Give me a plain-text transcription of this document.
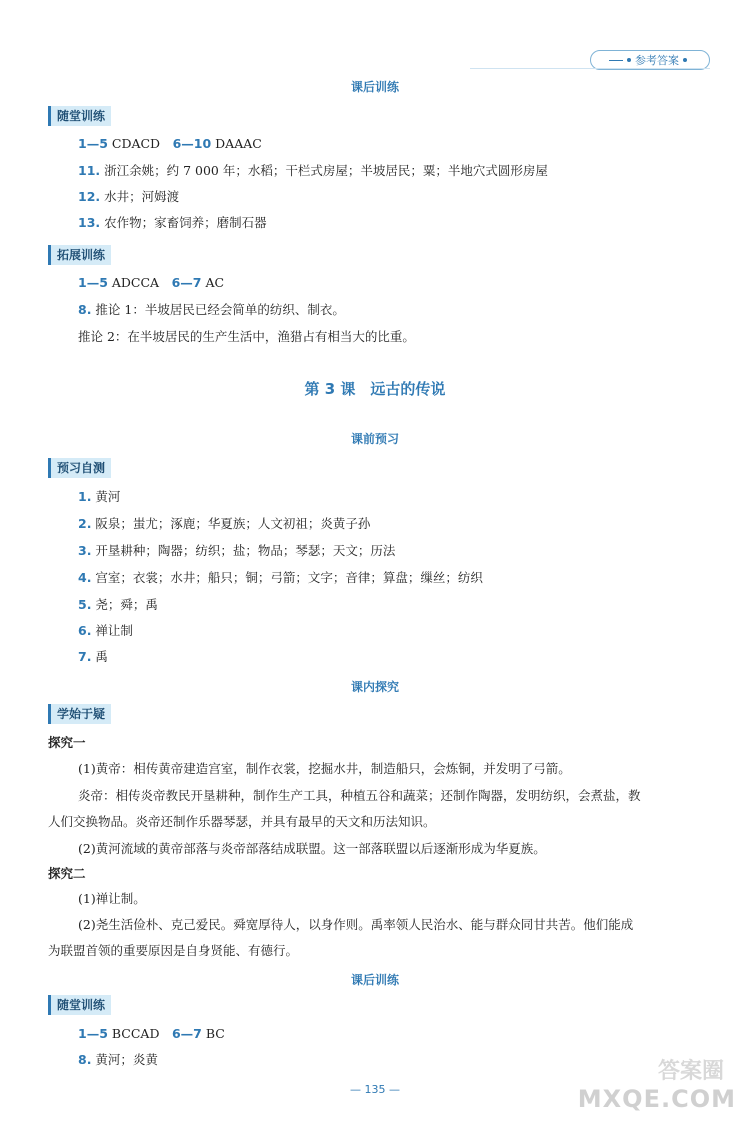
参考答案
课后训练
随堂训练
1—5 CDACD　6—10 DAAAC
11. 浙江余姚；约 7 000 年；水稻；干栏式房屋；半坡居民；粟；半地穴式圆形房屋
12. 水井；河姆渡
13. 农作物；家畜饲养；磨制石器
拓展训练
1—5 ADCCA　6—7 AC
8. 推论 1：半坡居民已经会简单的纺织、制衣。
推论 2：在半坡居民的生产生活中，渔猎占有相当大的比重。
第 3 课　远古的传说
课前预习
预习自测
1. 黄河
2. 阪泉；蚩尤；涿鹿；华夏族；人文初祖；炎黄子孙
3. 开垦耕种；陶器；纺织；盐；物品；琴瑟；天文；历法
4. 宫室；衣裳；水井；船只；铜；弓箭；文字；音律；算盘；缫丝；纺织
5. 尧；舜；禹
6. 禅让制
7. 禹
课内探究
学始于疑
探究一
(1)黄帝：相传黄帝建造宫室，制作衣裳，挖掘水井，制造船只，会炼铜，并发明了弓箭。
炎帝：相传炎帝教民开垦耕种，制作生产工具，种植五谷和蔬菜；还制作陶器，发明纺织，会煮盐，教
人们交换物品。炎帝还制作乐器琴瑟，并具有最早的天文和历法知识。
(2)黄河流域的黄帝部落与炎帝部落结成联盟。这一部落联盟以后逐渐形成为华夏族。
探究二
(1)禅让制。
(2)尧生活俭朴、克己爱民。舜宽厚待人，以身作则。禹率领人民治水、能与群众同甘共苦。他们能成
为联盟首领的重要原因是自身贤能、有德行。
课后训练
随堂训练
1—5 BCCAD　6—7 BC
8. 黄河；炎黄
— 135 —
答案圈
MXQE.COM
